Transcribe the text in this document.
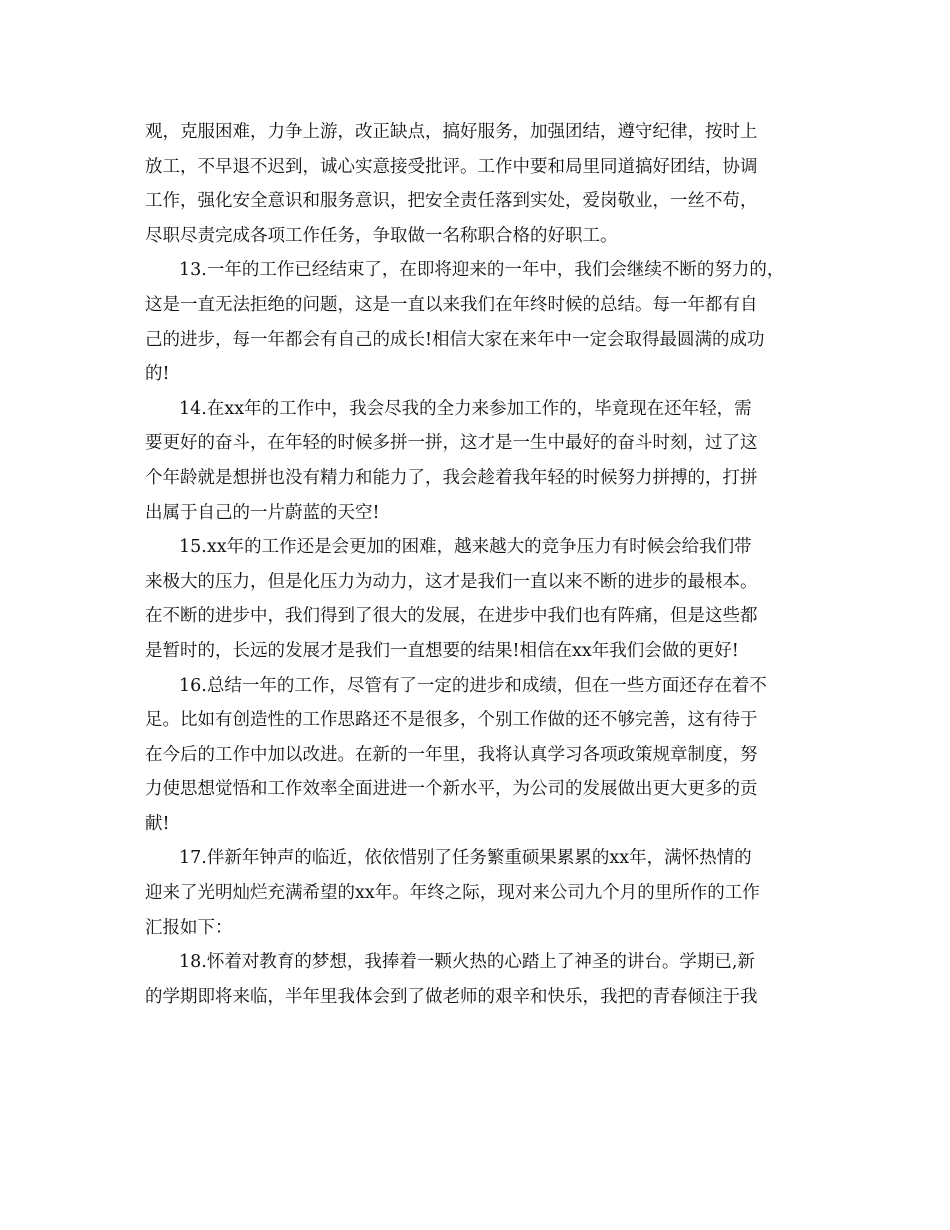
观，克服困难，力争上游，改正缺点，搞好服务，加强团结，遵守纪律，按时上
放工，不早退不迟到，诚心实意接受批评。工作中要和局里同道搞好团结，协调
工作，强化安全意识和服务意识，把安全责任落到实处，爱岗敬业，一丝不苟，
尽职尽责完成各项工作任务，争取做一名称职合格的好职工。
13.一年的工作已经结束了，在即将迎来的一年中，我们会继续不断的努力的，
这是一直无法拒绝的问题，这是一直以来我们在年终时候的总结。每一年都有自
己的进步，每一年都会有自己的成长!相信大家在来年中一定会取得最圆满的成功
的!
14.在xx年的工作中，我会尽我的全力来参加工作的，毕竟现在还年轻，需
要更好的奋斗，在年轻的时候多拼一拼，这才是一生中最好的奋斗时刻，过了这
个年龄就是想拼也没有精力和能力了，我会趁着我年轻的时候努力拼搏的，打拼
出属于自己的一片蔚蓝的天空!
15.xx年的工作还是会更加的困难，越来越大的竞争压力有时候会给我们带
来极大的压力，但是化压力为动力，这才是我们一直以来不断的进步的最根本。
在不断的进步中，我们得到了很大的发展，在进步中我们也有阵痛，但是这些都
是暂时的，长远的发展才是我们一直想要的结果!相信在xx年我们会做的更好!
16.总结一年的工作，尽管有了一定的进步和成绩，但在一些方面还存在着不
足。比如有创造性的工作思路还不是很多，个别工作做的还不够完善，这有待于
在今后的工作中加以改进。在新的一年里，我将认真学习各项政策规章制度，努
力使思想觉悟和工作效率全面进进一个新水平，为公司的发展做出更大更多的贡
献!
17.伴新年钟声的临近，依依惜别了任务繁重硕果累累的xx年，满怀热情的
迎来了光明灿烂充满希望的xx年。年终之际，现对来公司九个月的里所作的工作
汇报如下：
18.怀着对教育的梦想，我捧着一颗火热的心踏上了神圣的讲台。学期已,新
的学期即将来临，半年里我体会到了做老师的艰辛和快乐，我把的青春倾注于我
